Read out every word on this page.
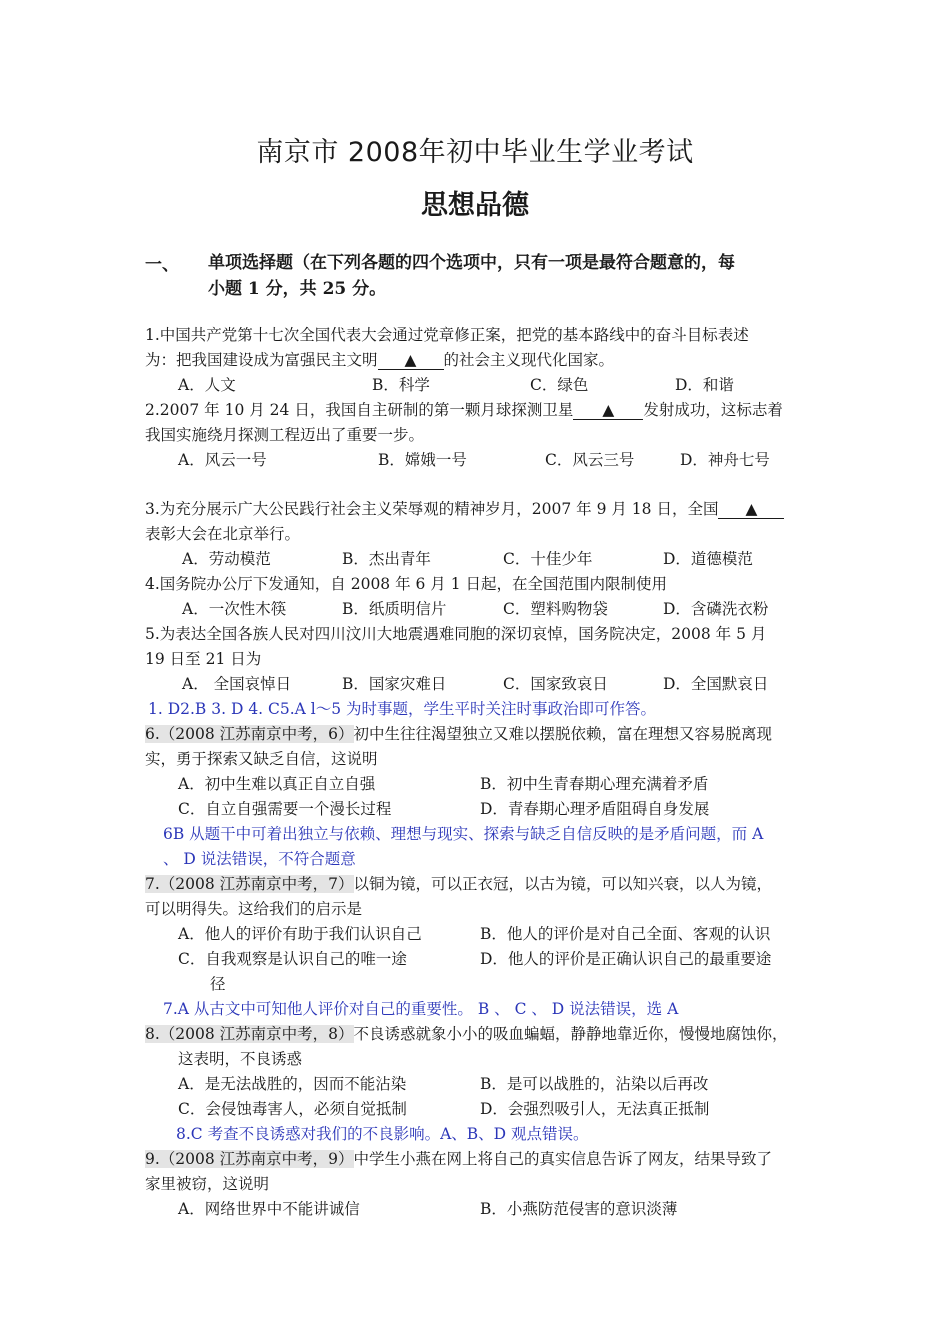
南京市 2008年初中毕业生学业考试
思想品德
一、 单项选择题（在下列各题的四个选项中，只有一项是最符合题意的，每
小题 1 分，共 25 分。
1.中国共产党第十七次全国代表大会通过党章修正案，把党的基本路线中的奋斗目标表述
为：把我国建设成为富强民主文明 ▲ 的社会主义现代化国家。
A．人文	B．科学	C．绿色	D．和谐
2.2007 年 10 月 24 日，我国自主研制的第一颗月球探测卫星 ▲ 发射成功，这标志着
我国实施绕月探测工程迈出了重要一步。
A．风云一号	B．嫦娥一号	C．风云三号	D．神舟七号
3.为充分展示广大公民践行社会主义荣辱观的精神岁月，2007 年 9 月 18 日，全国 ▲
表彰大会在北京举行。
A．劳动模范	B．杰出青年	C．十佳少年	D．道德模范
4.国务院办公厅下发通知，自 2008 年 6 月 1 日起，在全国范围内限制使用
A．一次性木筷	B．纸质明信片	C．塑料购物袋	D．含磷洗衣粉
5.为表达全国各族人民对四川汶川大地震遇难同胞的深切哀悼，国务院决定，2008 年 5 月
19 日至 21 日为
A． 全国哀悼日	B．国家灾难日	C．国家致哀日	D．全国默哀日
1. D2.B 3. D 4. C5.A l～5 为时事题，学生平时关注时事政治即可作答。
6.（2008 江苏南京中考，6）初中生往往渴望独立又难以摆脱依赖，富在理想又容易脱离现
实，勇于探索又缺乏自信，这说明
A．初中生难以真正自立自强	B．初中生青春期心理充满着矛盾
C．自立自强需要一个漫长过程	D．青春期心理矛盾阻碍自身发展
6B 从题干中可着出独立与依赖、理想与现实、探索与缺乏自信反映的是矛盾问题，而 A
、 D 说法错误，不符合题意
7.（2008 江苏南京中考，7）以铜为镜，可以正衣冠，以古为镜，可以知兴衰，以人为镜，
可以明得失。这给我们的启示是
A．他人的评价有助于我们认识自己	B．他人的评价是对自己全面、客观的认识
C．自我观察是认识自己的唯一途	D．他人的评价是正确认识自己的最重要途
径
7.A 从古文中可知他人评价对自己的重要性。 B 、 C 、 D 说法错误，选 A
8.（2008 江苏南京中考，8）不良诱惑就象小小的吸血蝙蝠，静静地靠近你，慢慢地腐蚀你，
这表明，不良诱惑
A．是无法战胜的，因而不能沾染	B．是可以战胜的，沾染以后再改
C．会侵蚀毒害人，必须自觉抵制	D．会强烈吸引人，无法真正抵制
8.C 考查不良诱惑对我们的不良影响。A、B、D 观点错误。
9.（2008 江苏南京中考，9）中学生小燕在网上将自己的真实信息告诉了网友，结果导致了
家里被窃，这说明
A．网络世界中不能讲诚信	B．小燕防范侵害的意识淡薄
